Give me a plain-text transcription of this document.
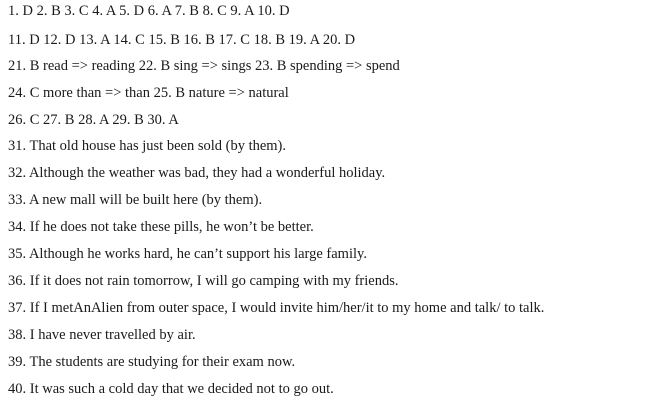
1. D 2. B 3. C 4. A 5. D 6. A 7. B 8. C 9. A 10. D
11. D 12. D 13. A 14. C 15. B 16. B 17. C 18. B 19. A 20. D
21. B read => reading 22. B sing => sings 23. B spending => spend
24. C more than => than 25. B nature => natural
26. C 27. B 28. A 29. B 30. A
31. That old house has just been sold (by them).
32. Although the weather was bad, they had a wonderful holiday.
33. A new mall will be built here (by them).
34. If he does not take these pills, he won’t be better.
35. Although he works hard, he can’t support his large family.
36. If it does not rain tomorrow, I will go camping with my friends.
37. If I metAnAlien from outer space, I would invite him/her/it to my home and talk/ to talk.
38. I have never travelled by air.
39. The students are studying for their exam now.
40. It was such a cold day that we decided not to go out.
